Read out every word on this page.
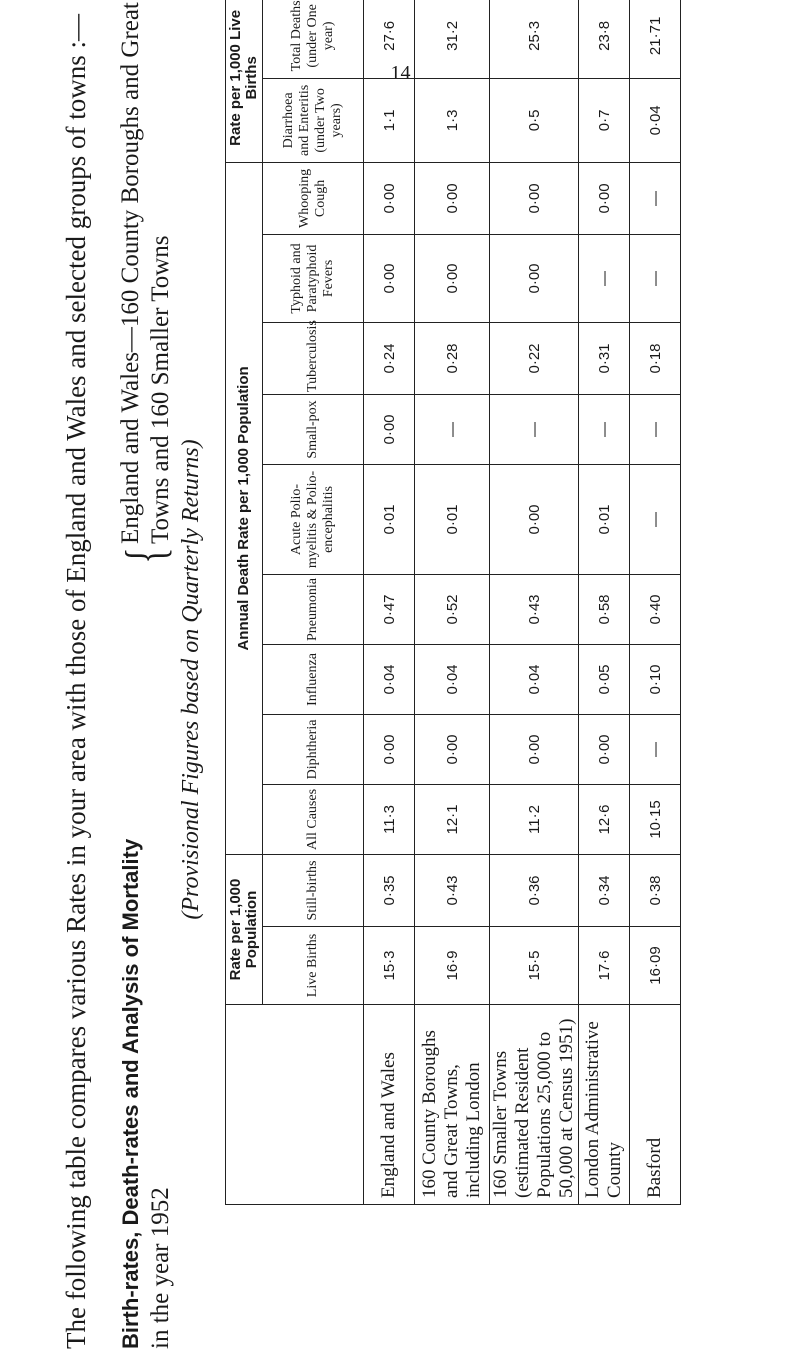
14
The following table compares various Rates in your area with those of England and Wales and selected groups of towns :— Birth-rates, Death-rates and Analysis of Mortality in the year 1952
{
England and Wales—160 County Boroughs and Great Towns and 160 Smaller Towns
(Provisional Figures based on Quarterly Returns)
	Rate per 1,000 Population		Annual Death Rate per 1,000 Population									Rate per 1,000 Live Births	
	Live Births	Still-births	All Causes	Diphtheria	Influenza	Pneumonia	Acute Polio-myelitis & Polio-encephalitis	Small-pox	Tuberculosis	Typhoid and Paratyphoid Fevers	Whooping Cough	Diarrhoea and Enteritis (under Two years)	Total Deaths (under One year)
England and Wales	15·3	0·35	11·3	0·00	0·04	0·47	0·01	0·00	0·24	0·00	0·00	1·1	27·6
160 County Boroughs and Great Towns, including London	16·9	0·43	12·1	0·00	0·04	0·52	0·01	—	0·28	0·00	0·00	1·3	31·2
160 Smaller Towns (estimated Resident Populations 25,000 to 50,000 at Census 1951)	15·5	0·36	11·2	0·00	0·04	0·43	0·00	—	0·22	0·00	0·00	0·5	25·3
London Administrative County	17·6	0·34	12·6	0·00	0·05	0·58	0·01	—	0·31	—	0·00	0·7	23·8
Basford	16·09	0·38	10·15	—	0·10	0·40	—	—	0·18	—	—	0·04	21·71
